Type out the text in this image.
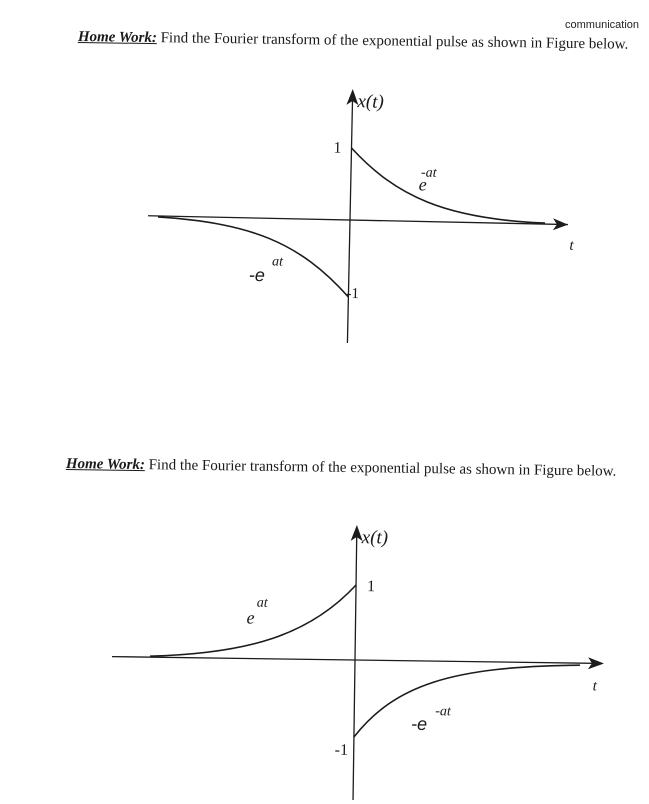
communication
Home Work: Find the Fourier transform of the exponential pulse as shown in Figure below.
x(t)
t
1
-1
e
-at
-e
at
Home Work: Find the Fourier transform of the exponential pulse as shown in Figure below.
x(t)
t
1
-1
e
at
-e
-at
